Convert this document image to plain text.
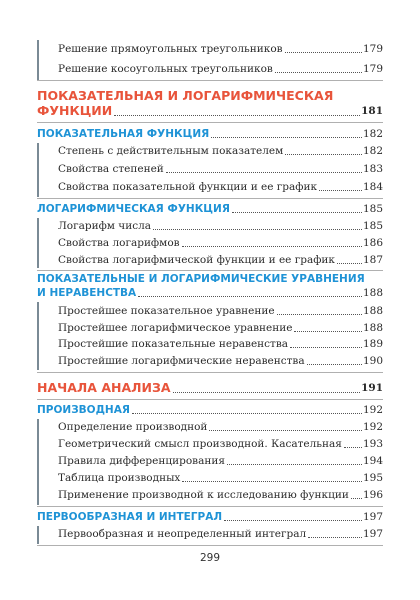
Решение прямоугольных треугольников	179
Решение косоугольных треугольников	179
ПОКАЗАТЕЛЬНАЯ И ЛОГАРИФМИЧЕСКАЯ
ФУНКЦИИ	181
ПОКАЗАТЕЛЬНАЯ ФУНКЦИЯ	182
Степень с действительным показателем	182
Свойства степеней	183
Свойства показательной функции и ее график	184
ЛОГАРИФМИЧЕСКАЯ ФУНКЦИЯ	185
Логарифм числа	185
Свойства логарифмов	186
Свойства логарифмической функции и ее график	187
ПОКАЗАТЕЛЬНЫЕ И ЛОГАРИФМИЧЕСКИЕ УРАВНЕНИЯ
И НЕРАВЕНСТВА	188
Простейшее показательное уравнение	188
Простейшее логарифмическое уравнение	188
Простейшие показательные неравенства	189
Простейшие логарифмические неравенства	190
НАЧАЛА АНАЛИЗА	191
ПРОИЗВОДНАЯ	192
Определение производной	192
Геометрический смысл производной. Касательная 193
Правила дифференцирования	194
Таблица производных	195
Применение производной к исследованию функции 196
ПЕРВООБРАЗНАЯ И ИНТЕГРАЛ	197
Первообразная и неопределенный интеграл	197
299
